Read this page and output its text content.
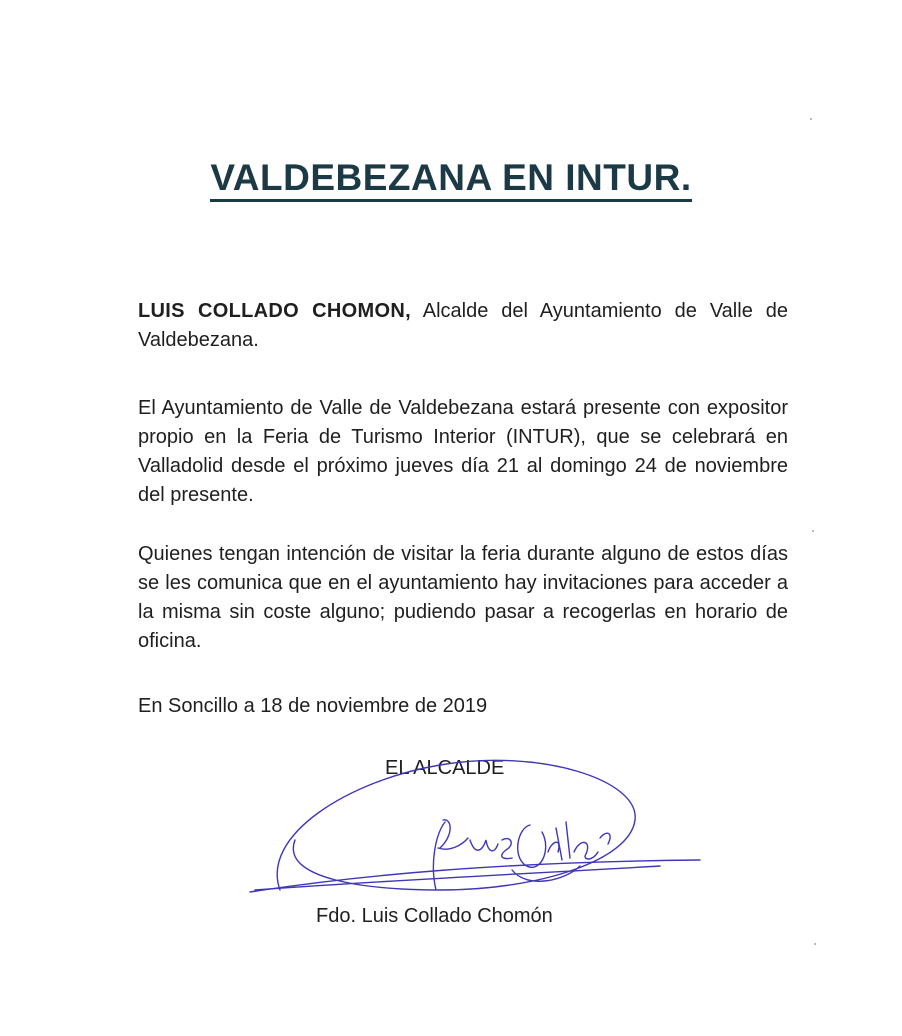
VALDEBEZANA EN INTUR.

LUIS COLLADO CHOMON, Alcalde del Ayuntamiento de Valle de Valdebezana.

El Ayuntamiento de Valle de Valdebezana estará presente con expositor propio en la Feria de Turismo Interior (INTUR), que se celebrará en Valladolid desde el próximo jueves día 21 al domingo 24 de noviembre del presente.

Quienes tengan intención de visitar la feria durante alguno de estos días se les comunica que en el ayuntamiento hay invitaciones para acceder a la misma sin coste alguno; pudiendo pasar a recogerlas en horario de oficina.

En Soncillo a 18 de noviembre de 2019

EL ALCALDE
Fdo. Luis Collado Chomón
